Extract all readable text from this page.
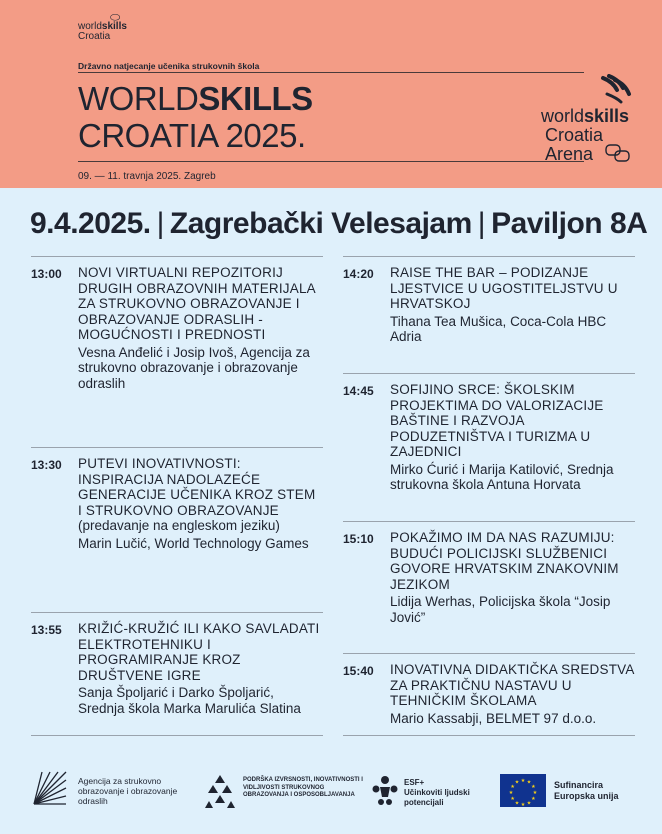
⬭
worldskills
Croatia
Državno natjecanje učenika strukovnih škola
WORLDSKILLS
CROATIA 2025.
09. — 11. travnja 2025. Zagreb
worldskills
Croatia
Arena
9.4.2025. | Zagrebački Velesajam | Paviljon 8A
13:00 NOVI VIRTUALNI REPOZITORIJ DRUGIH OBRAZOVNIH MATERIJALA ZA STRUKOVNO OBRAZOVANJE I OBRAZOVANJE ODRASLIH - MOGUĆNOSTI I PREDNOSTI
Vesna Anđelić i Josip Ivoš, Agencija za strukovno obrazovanje i obrazovanje odraslih
13:30 PUTEVI INOVATIVNOSTI: INSPIRACIJA NADOLAZEĆE GENERACIJE UČENIKA KROZ STEM I STRUKOVNO OBRAZOVANJE
(predavanje na engleskom jeziku)
Marin Lučić, World Technology Games
13:55 KRIŽIĆ-KRUŽIĆ ILI KAKO SAVLADATI ELEKTROTEHNIKU I PROGRAMIRANJE KROZ DRUŠTVENE IGRE
Sanja Špoljarić i Darko Špoljarić, Srednja škola Marka Marulića Slatina
14:20 RAISE THE BAR – PODIZANJE LJESTVICE U UGOSTITELJSTVU U HRVATSKOJ
Tihana Tea Mušica, Coca-Cola HBC Adria
14:45 SOFIJINO SRCE: ŠKOLSKIM PROJEKTIMA DO VALORIZACIJE BAŠTINE I RAZVOJA PODUZETNIŠTVA I TURIZMA U ZAJEDNICI
Mirko Ćurić i Marija Katilović, Srednja strukovna škola Antuna Horvata
15:10 POKAŽIMO IM DA NAS RAZUMIJU: BUDUĆI POLICIJSKI SLUŽBENICI GOVORE HRVATSKIM ZNAKOVNIM JEZIKOM
Lidija Werhas, Policijska škola “Josip Jović”
15:40 INOVATIVNA DIDAKTIČKA SREDSTVA ZA PRAKTIČNU NASTAVU U TEHNIČKIM ŠKOLAMA
Mario Kassabji, BELMET 97 d.o.o.
Agencija za strukovno obrazovanje i obrazovanje odraslih
PODRŠKA IZVRSNOSTI, INOVATIVNOSTI I VIDLJIVOSTI STRUKOVNOG OBRAZOVANJA I OSPOSOBLJAVANJA
ESF+
Učinkoviti ljudski potencijali
★ ★
★
★
★
★
★
★
★
★
★
★	Sufinancira Europska unija
